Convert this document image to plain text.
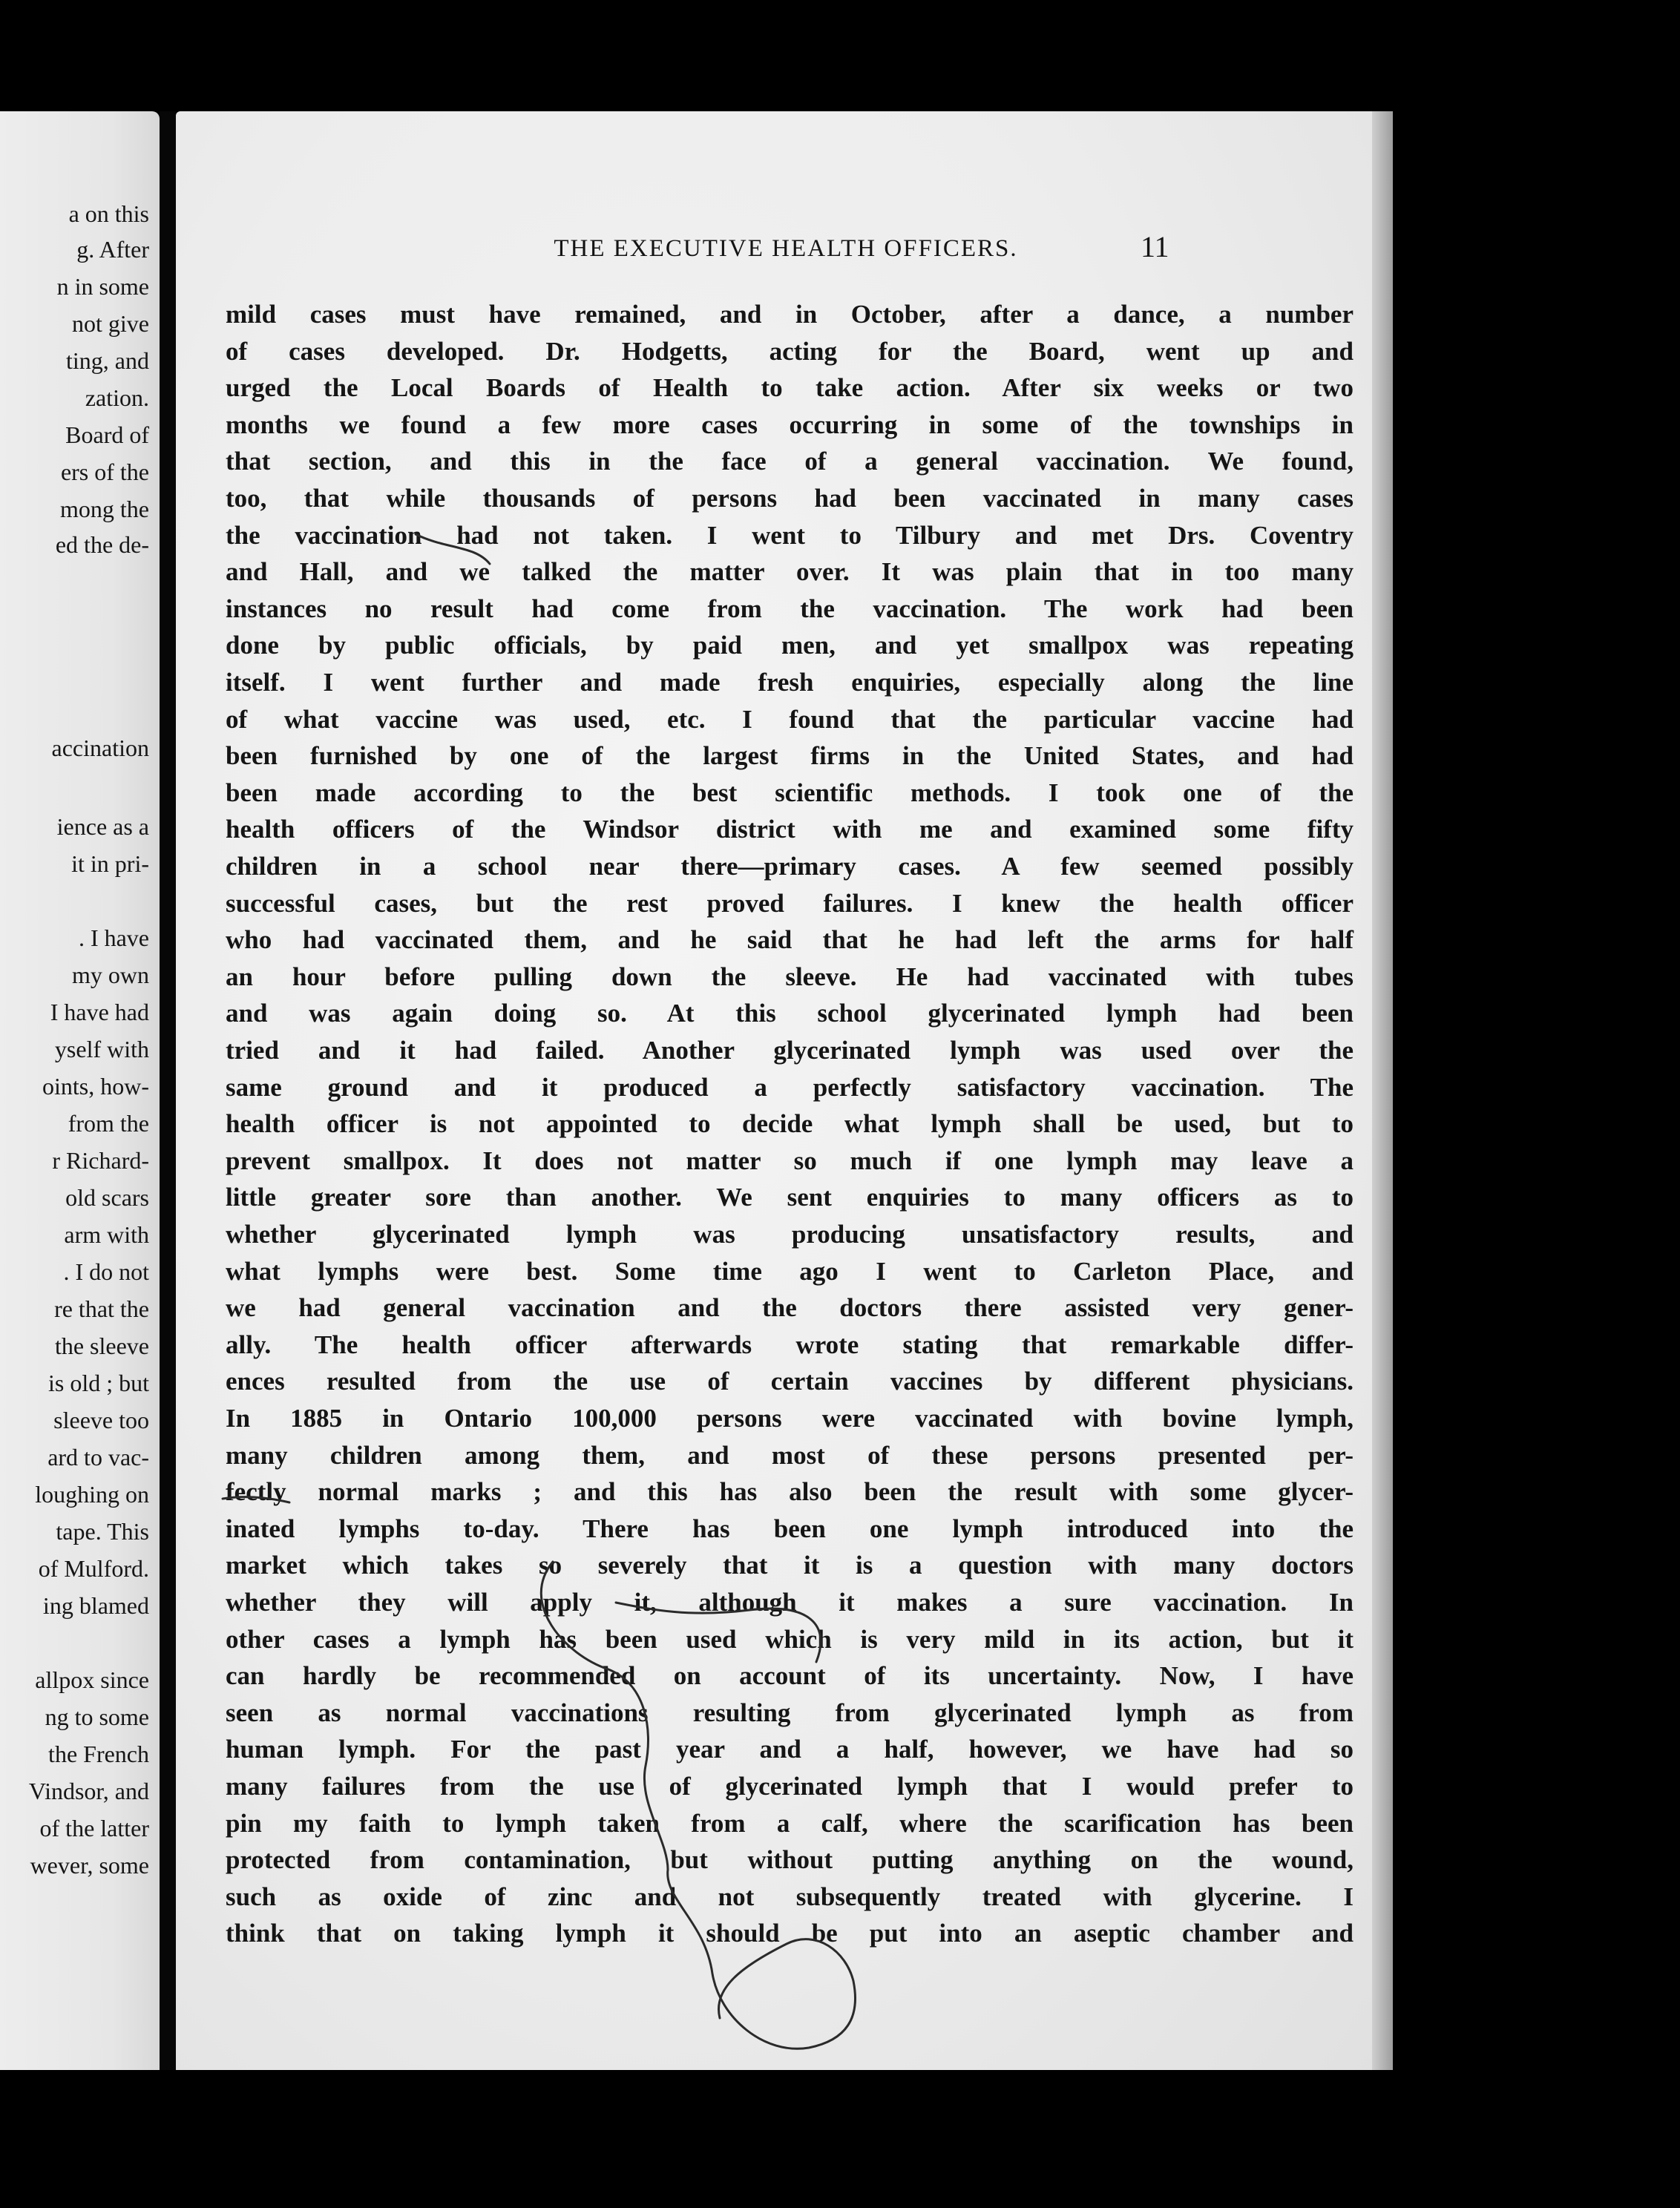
a on this
g. After
n in some
not give
ting, and
zation.
Board of
ers of the
mong the
ed the de-
accination
ience as a
it in pri-
. I have
my own
I have had
yself with
oints, how-
from the
r Richard-
old scars
arm with
. I do not
re that the
the sleeve
is old ; but
sleeve too
ard to vac-
loughing on
tape. This
of Mulford.
ing blamed
allpox since
ng to some
the French
Vindsor, and
of the latter
wever, some
THE EXECUTIVE HEALTH OFFICERS.	11
mild cases must have remained, and in October, after a dance, a number
of cases developed. Dr. Hodgetts, acting for the Board, went up and
urged the Local Boards of Health to take action. After six weeks or two
months we found a few more cases occurring in some of the townships in
that section, and this in the face of a general vaccination. We found,
too, that while thousands of persons had been vaccinated in many cases
the vaccination had not taken. I went to Tilbury and met Drs. Coventry
and Hall, and we talked the matter over. It was plain that in too many
instances no result had come from the vaccination. The work had been
done by public officials, by paid men, and yet smallpox was repeating
itself. I went further and made fresh enquiries, especially along the line
of what vaccine was used, etc. I found that the particular vaccine had
been furnished by one of the largest firms in the United States, and had
been made according to the best scientific methods. I took one of the
health officers of the Windsor district with me and examined some fifty
children in a school near there—primary cases. A few seemed possibly
successful cases, but the rest proved failures. I knew the health officer
who had vaccinated them, and he said that he had left the arms for half
an hour before pulling down the sleeve. He had vaccinated with tubes
and was again doing so. At this school glycerinated lymph had been
tried and it had failed. Another glycerinated lymph was used over the
same ground and it produced a perfectly satisfactory vaccination. The
health officer is not appointed to decide what lymph shall be used, but to
prevent smallpox. It does not matter so much if one lymph may leave a
little greater sore than another. We sent enquiries to many officers as to
whether glycerinated lymph was producing unsatisfactory results, and
what lymphs were best. Some time ago I went to Carleton Place, and
we had general vaccination and the doctors there assisted very gener-
ally. The health officer afterwards wrote stating that remarkable differ-
ences resulted from the use of certain vaccines by different physicians.
In 1885 in Ontario 100,000 persons were vaccinated with bovine lymph,
many children among them, and most of these persons presented per-
fectly normal marks ; and this has also been the result with some glycer-
inated lymphs to-day. There has been one lymph introduced into the
market which takes so severely that it is a question with many doctors
whether they will apply it, although it makes a sure vaccination. In
other cases a lymph has been used which is very mild in its action, but it
can hardly be recommended on account of its uncertainty. Now, I have
seen as normal vaccinations resulting from glycerinated lymph as from
human lymph. For the past year and a half, however, we have had so
many failures from the use of glycerinated lymph that I would prefer to
pin my faith to lymph taken from a calf, where the scarification has been
protected from contamination, but without putting anything on the wound,
such as oxide of zinc and not subsequently treated with glycerine. I
think that on taking lymph it should be put into an aseptic chamber and
